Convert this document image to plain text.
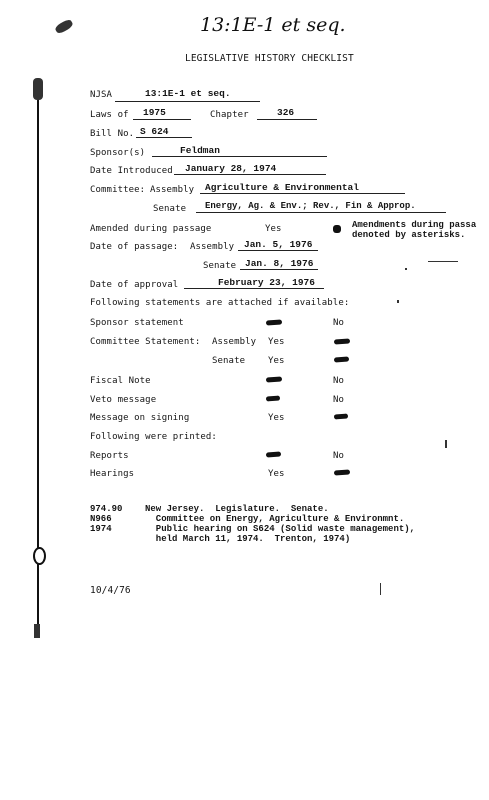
13:1E-1 et seq.
LEGISLATIVE HISTORY CHECKLIST
NJSA	13:1E-1 et seq.
Laws of 1975	Chapter	326
Bill No. S 624
Sponsor(s)	Feldman
Date Introduced January 28, 1974
Committee: Assembly Agriculture & Environmental
Senate Energy, Ag. & Env.; Rev., Fin & Approp.
Amended during passage	Yes	Amendments during passa
denoted by asterisks.
Date of passage: Assembly Jan. 5, 1976
Senate Jan. 8, 1976
Date of approval	February 23, 1976
Following statements are attached if available:
Sponsor statement	No
Committee Statement: Assembly Yes
Senate	Yes
Fiscal Note	No
Veto message	No
Message on signing	Yes
Following were printed:
Reports	No
Hearings	Yes
974.90
N966
1974
New Jersey.  Legislature.  Senate.
Committee on Energy, Agriculture & Environmnt.
Public hearing on S624 (Solid waste management),
held March 11, 1974.  Trenton, 1974)
10/4/76
